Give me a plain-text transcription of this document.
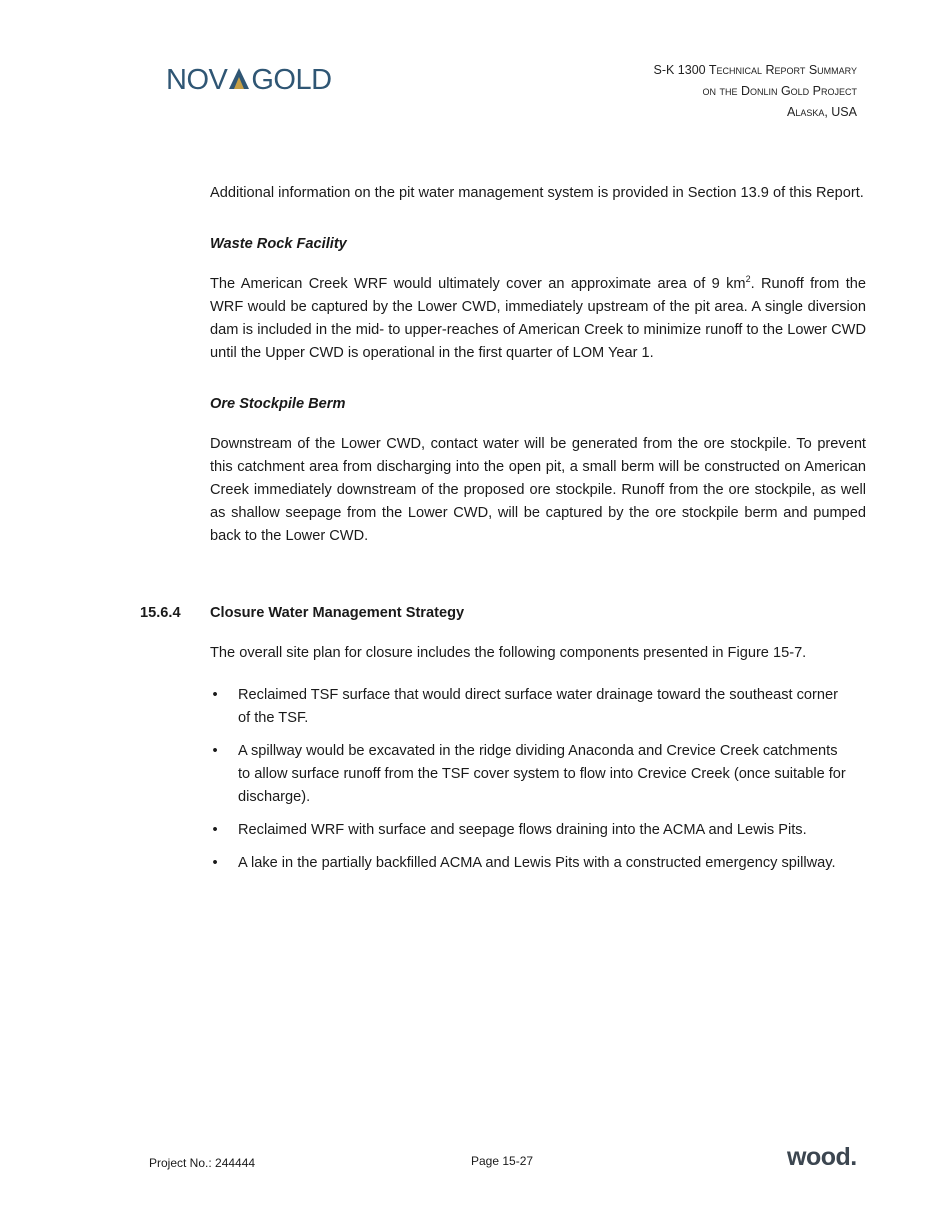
NOV GOLD	S-K 1300 Technical Report Summary
on the Donlin Gold Project
Alaska, USA

Additional information on the pit water management system is provided in Section 13.9 of this Report.

Waste Rock Facility

The American Creek WRF would ultimately cover an approximate area of 9 $km^2$. Runoff from the WRF would be captured by the Lower CWD, immediately upstream of the pit area. A single diversion dam is included in the mid- to upper-reaches of American Creek to minimize runoff to the Lower CWD until the Upper CWD is operational in the first quarter of LOM Year 1.

Ore Stockpile Berm

Downstream of the Lower CWD, contact water will be generated from the ore stockpile. To prevent this catchment area from discharging into the open pit, a small berm will be constructed on American Creek immediately downstream of the proposed ore stockpile. Runoff from the ore stockpile, as well as shallow seepage from the Lower CWD, will be captured by the ore stockpile berm and pumped back to the Lower CWD.

15.6.4 Closure Water Management Strategy

The overall site plan for closure includes the following components presented in Figure 15-7.

• Reclaimed TSF surface that would direct surface water drainage toward the southeast corner of the TSF.
• A spillway would be excavated in the ridge dividing Anaconda and Crevice Creek catchments to allow surface runoff from the TSF cover system to flow into Crevice Creek (once suitable for discharge).
• Reclaimed WRF with surface and seepage flows draining into the ACMA and Lewis Pits.
• A lake in the partially backfilled ACMA and Lewis Pits with a constructed emergency spillway.
Project No.: 244444	Page 15-27	wood.
